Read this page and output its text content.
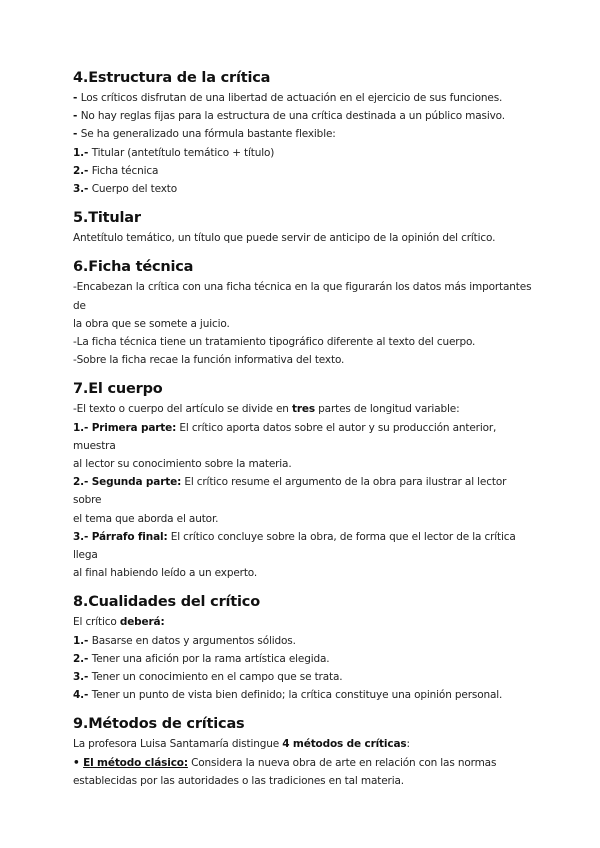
4.Estructura de la crítica
- Los críticos disfrutan de una libertad de actuación en el ejercicio de sus funciones.
- No hay reglas fijas para la estructura de una crítica destinada a un público masivo.
- Se ha generalizado una fórmula bastante flexible:
1.- Titular (antetítulo temático + título)
2.- Ficha técnica
3.- Cuerpo del texto
5.Titular
Antetítulo temático, un título que puede servir de anticipo de la opinión del crítico.
6.Ficha técnica
-Encabezan la crítica con una ficha técnica en la que figurarán los datos más importantes de
la obra que se somete a juicio.
-La ficha técnica tiene un tratamiento tipográfico diferente al texto del cuerpo.
-Sobre la ficha recae la función informativa del texto.
7.El cuerpo
-El texto o cuerpo del artículo se divide en tres partes de longitud variable:
1.- Primera parte: El crítico aporta datos sobre el autor y su producción anterior, muestra
al lector su conocimiento sobre la materia.
2.- Segunda parte: El crítico resume el argumento de la obra para ilustrar al lector sobre
el tema que aborda el autor.
3.- Párrafo final: El crítico concluye sobre la obra, de forma que el lector de la crítica llega
al final habiendo leído a un experto.
8.Cualidades del crítico
El crítico deberá:
1.- Basarse en datos y argumentos sólidos.
2.- Tener una afición por la rama artística elegida.
3.- Tener un conocimiento en el campo que se trata.
4.- Tener un punto de vista bien definido; la crítica constituye una opinión personal.
9.Métodos de críticas
La profesora Luisa Santamaría distingue 4 métodos de críticas:
• El método clásico: Considera la nueva obra de arte en relación con las normas
establecidas por las autoridades o las tradiciones en tal materia.
